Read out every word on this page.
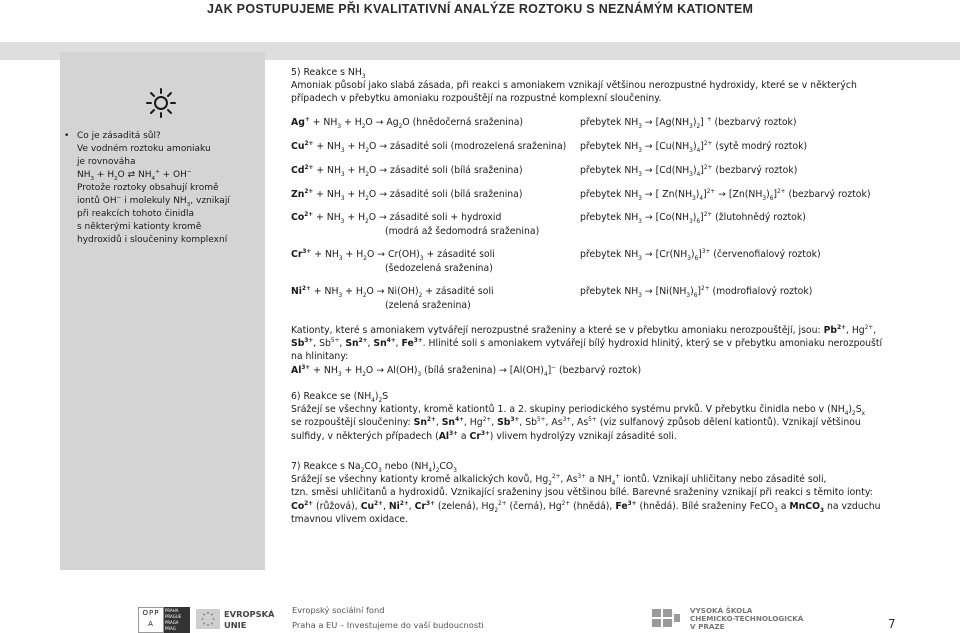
JAK POSTUPUJEME PŘI KVALITATIVNÍ ANALÝZE ROZTOKU S NEZNÁMÝM KATIONTEM
• Co je zásaditá sůl?

Ve vodném roztoku amoniaku

je rovnováha

$NH_3 + H_2O$ ⇄ $NH_4^+ + OH^-$

Protože roztoky obsahují kromě

iontů OH− i molekuly $NH_3$, vznikají

při reakcích tohoto činidla

s některými kationty kromě

hydroxidů i sloučeniny komplexní

5) Reakce s $NH_3$

Amoniak působí jako slabá zásada, při reakci s amoniakem vznikají většinou nerozpustné hydroxidy, které se v některých

případech v přebytku amoniaku rozpouštějí na rozpustné komplexní sloučeniny.

$Ag^+ + NH_3 + H_2O \to Ag_2O$ (hnědočerná sraženina)	přebytek $NH_3 \to [Ag(NH_3)_2]$ + (bezbarvý roztok)
$Cu^{2+} + NH_3 + H_2O$ → zásadité soli (modrozelená sraženina) přebytek $NH_3 \to [Cu(NH_3)_4]^{2+}$ (sytě modrý roztok)
$Cd^{2+} + NH_3 + H_2O$ → zásadité soli (bílá sraženina)	přebytek $NH_3 \to [Cd(NH_3)_4]^{2+}$ (bezbarvý roztok)
$Zn^{2+} + NH_3 + H_2O$ → zásadité soli (bílá sraženina)	přebytek $NH_3$ → [ $Zn(NH_3)_4]^{2+} \to [Zn(NH_3)_6]^{2+}$ (bezbarvý roztok)
$Co^{2+} + NH_3 + H_2O$ → zásadité soli + hydroxid
(modrá až šedomodrá sraženina)
přebytek $NH_3 \to [Co(NH_3)_6]^{2+}$ (žlutohnědý roztok)
$Cr^{3+} + NH_3 + H_2O \to Cr(OH)_3$ + zásadité soli
(šedozelená sraženina)
přebytek $NH_3 \to [Cr(NH_3)_6]^{3+}$ (červenofialový roztok)
$Ni^{2+} + NH_3 + H_2O \to Ni(OH)_2$ + zásadité soli
(zelená sraženina)
přebytek $NH_3 \to [Ni(NH_3)_6]^{2+}$ (modrofialový roztok)

Kationty, které s amoniakem vytvářejí nerozpustné sraženiny a které se v přebytku amoniaku nerozpouštějí, jsou: $Pb^{2+}$, $Hg^{2+}$,

$Sb^{3+}$, $Sb^{5+}$, $Sn^{2+}$, $Sn^{4+}$, $Fe^{3+}$. Hlinité soli s amoniakem vytvářejí bílý hydroxid hlinitý, který se v přebytku amoniaku nerozpouští

na hlinitany:

$Al^{3+} + NH_3 + H_2O \to Al(OH)_3$ (bílá sraženina) → $[Al(OH)_4]^-$ (bezbarvý roztok)

6) Reakce se $(NH_4)_2S$

Srážejí se všechny kationty, kromě kationtů 1. a 2. skupiny periodického systému prvků. V přebytku činidla nebo v $(NH_4)_2S_x$

se rozpouštějí sloučeniny: $Sn^{2+}$, $Sn^{4+}$, $Hg^{2+}$, $Sb^{3+}$, $Sb^{5+}$, $As^{3+}$, $As^{5+}$ (viz sulfanový způsob dělení kationtů). Vznikají většinou

sulfidy, v některých případech ($Al^{3+}$ a $Cr^{3+}$) vlivem hydrolýzy vznikají zásadité soli.

7) Reakce s $Na_2CO_3$ nebo $(NH_4)_2CO_3$

Srážejí se všechny kationty kromě alkalických kovů, $Hg_2^{2+}$, $As^{3+}$ a $NH_4^+$ iontů. Vznikají uhličitany nebo zásadité soli,

tzn. směsi uhličitanů a hydroxidů. Vznikající sraženiny jsou většinou bílé. Barevné sraženiny vznikají při reakci s těmito ionty:

$Co^{2+}$ (růžová), $Cu^{2+}$, $Ni^{2+}$, $Cr^{3+}$ (zelená), $Hg_2^{2+}$ (černá), $Hg^{2+}$ (hnědá), $Fe^{3+}$ (hnědá). Bílé sraženiny FeCO$_3$ a MnCO$_3$ na vzduchu

tmavnou vlivem oxidace.

OPP A
PRAHA PRAGUE PRAGA PRAG
EVROPSKÁ
UNIE
Evropský sociální fond
Praha a EU – Investujeme do vaší budoucnosti
VYSOKÁ ŠKOLA
CHEMICKO-TECHNOLOGICKÁ
V PRAZE	7
